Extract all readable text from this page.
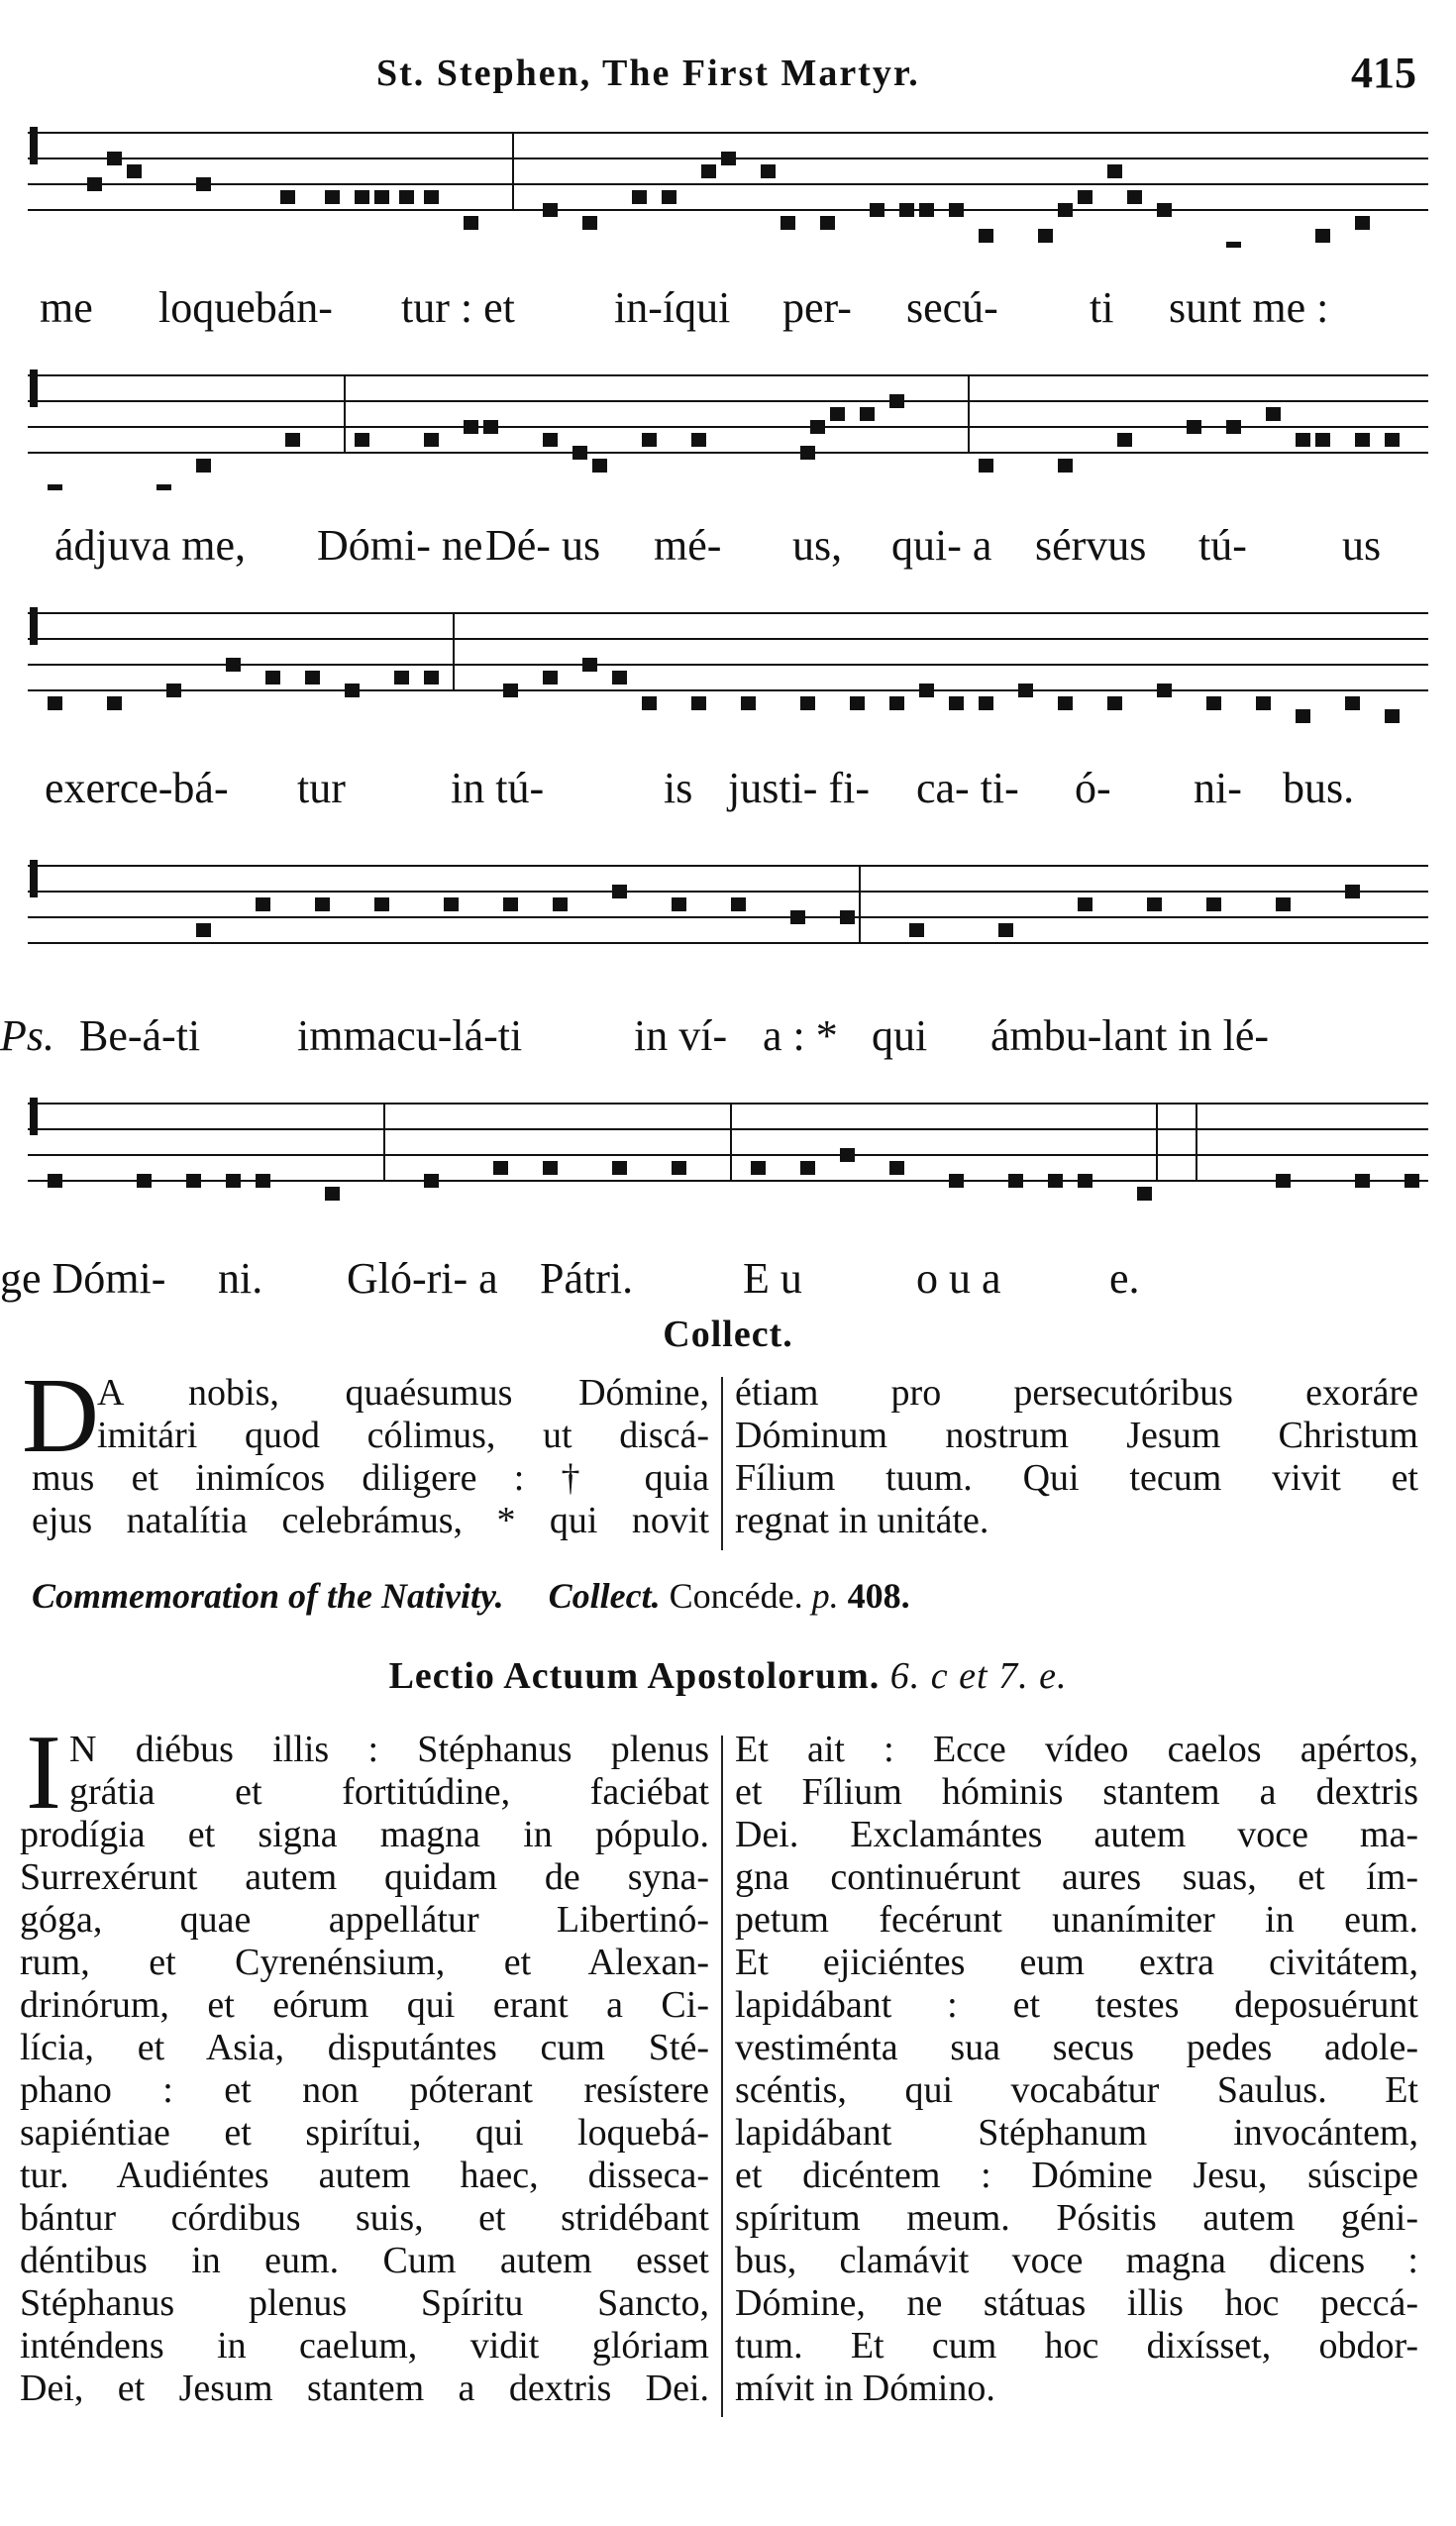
St. Stephen, The First Martyr.	415
me loquebán- tur : et in-íqui per- secú- ti sunt me :
ádjuva me, Dómi- ne Dé- us mé- us, qui- a sérvus tú- us
exerce-bá- tur in tú-	is justi- fi- ca- ti- ó- ni- bus.
Ps. Be-á-ti immacu-lá-ti	in ví- a : * qui ámbu-lant in lé-
ge Dómi- ni. Gló-ri- a Pátri.	E u	o u a e.
Collect.
D
A nobis, quaésumus Dómine,
imitári quod cólimus, ut discá-
mus et inimícos diligere : † quia
ejus natalítia celebrámus, * qui novit
étiam pro persecutóribus exoráre
Dóminum nostrum Jesum Christum
Fílium tuum. Qui tecum vivit et
regnat in unitáte.
Commemoration of the Nativity. Collect. Concéde. p. 408.
Lectio Actuum Apostolorum. 6. c et 7. e.
I N diébus illis : Stéphanus plenus
grátia et fortitúdine, faciébat
prodígia et signa magna in pópulo.
Surrexérunt autem quidam de syna-
góga, quae appellátur Libertinó-
rum, et Cyrenénsium, et Alexan-
drinórum, et eórum qui erant a Ci-
lícia, et Asia, disputántes cum Sté-
phano : et non póterant resístere
sapiéntiae et spirítui, qui loquebá-
tur. Audiéntes autem haec, disseca-
bántur córdibus suis, et stridébant
déntibus in eum. Cum autem esset
Stéphanus plenus Spíritu Sancto,
inténdens in caelum, vidit glóriam
Dei, et Jesum stantem a dextris Dei.
Et ait : Ecce vídeo caelos apértos,
et Fílium hóminis stantem a dextris
Dei. Exclamántes autem voce ma-
gna continuérunt aures suas, et ím-
petum fecérunt unanímiter in eum.
Et ejiciéntes eum extra civitátem,
lapidábant : et testes deposuérunt
vestiménta sua secus pedes adole-
scéntis, qui vocabátur Saulus. Et
lapidábant Stéphanum invocántem,
et dicéntem : Dómine Jesu, súscipe
spíritum meum. Pósitis autem géni-
bus, clamávit voce magna dicens :
Dómine, ne státuas illis hoc peccá-
tum. Et cum hoc dixísset, obdor-
mívit in Dómino.
